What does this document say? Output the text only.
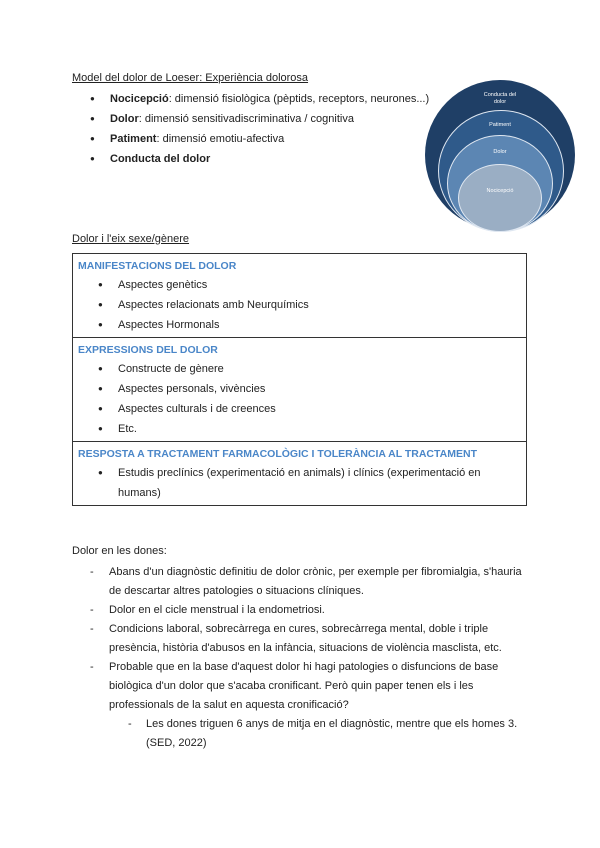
Model del dolor de Loeser: Experiència dolorosa
● Nocicepció: dimensió fisiològica (pèptids, receptors, neurones...)
● Dolor: dimensió sensitivadiscriminativa / cognitiva
● Patiment: dimensió emotiu-afectiva
● Conducta del dolor
Conducta del dolor
Patiment
Dolor
Nocicepció
Dolor i l'eix sexe/gènere
MANIFESTACIONS DEL DOLOR
● Aspectes genètics
● Aspectes relacionats amb Neurquímics
● Aspectes Hormonals
EXPRESSIONS DEL DOLOR
● Constructe de gènere
● Aspectes personals, vivències
● Aspectes culturals i de creences
● Etc.
RESPOSTA A TRACTAMENT FARMACOLÒGIC I TOLERÀNCIA AL TRACTAMENT
● Estudis preclínics (experimentació en animals) i clínics (experimentació en humans)
Dolor en les dones:
- Abans d'un diagnòstic definitiu de dolor crònic, per exemple per fibromialgia, s'hauria de descartar altres patologies o situacions clíniques.
- Dolor en el cicle menstrual i la endometriosi.
- Condicions laboral, sobrecàrrega en cures, sobrecàrrega mental, doble i triple presència, història d'abusos en la infància, situacions de violència masclista, etc.
- Probable que en la base d'aquest dolor hi hagi patologies o disfuncions de base biològica d'un dolor que s'acaba cronificant. Però quin paper tenen els i les professionals de la salut en aquesta cronificació?
- Les dones triguen 6 anys de mitja en el diagnòstic, mentre que els homes 3. (SED, 2022)
